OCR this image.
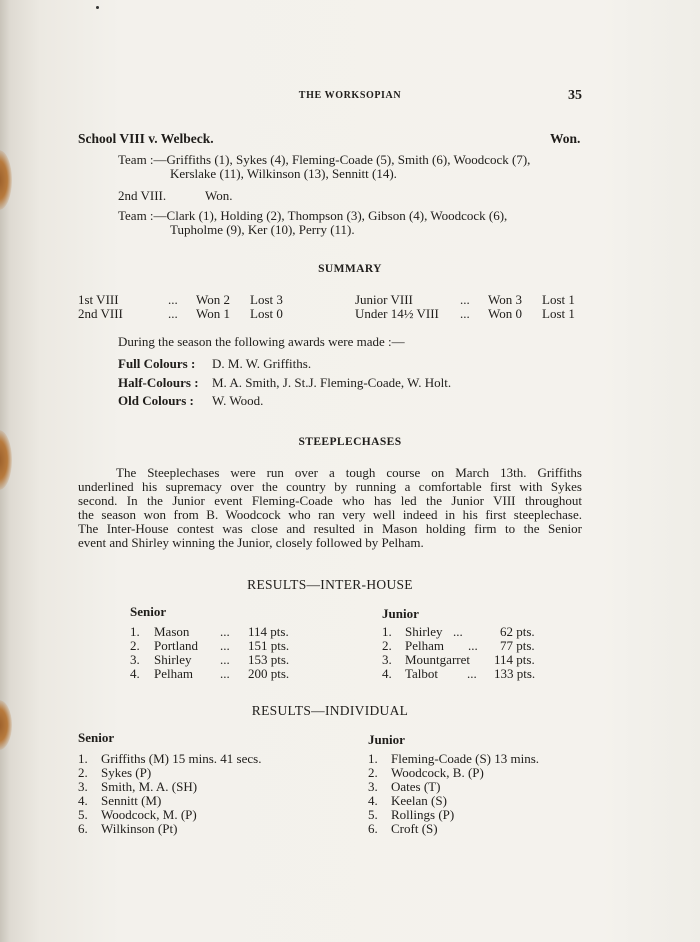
THE WORKSOPIAN	35
School VIII v. Welbeck.	Won.
Team :—Griffiths (1), Sykes (4), Fleming-Coade (5), Smith (6), Woodcock (7),
Kerslake (11), Wilkinson (13), Sennitt (14).
2nd VIII.	Won.
Team :—Clark (1), Holding (2), Thompson (3), Gibson (4), Woodcock (6),
Tupholme (9), Ker (10), Perry (11).
SUMMARY
1st VIII	... Won 2 Lost 3	Junior VIII	... Won 3 Lost 1
2nd VIII	... Won 1 Lost 0	Under 14½ VIII ... Won 0 Lost 1
During the season the following awards were made :—
Full Colours : D. M. W. Griffiths.
Half-Colours : M. A. Smith, J. St.J. Fleming-Coade, W. Holt.
Old Colours : W. Wood.
STEEPLECHASES
The Steeplechases were run over a tough course on March 13th. Griffiths
underlined his supremacy over the country by running a comfortable first with Sykes
second. In the Junior event Fleming-Coade who has led the Junior VIII throughout
the season won from B. Woodcock who ran very well indeed in his first steeplechase.
The Inter-House contest was close and resulted in Mason holding firm to the Senior
event and Shirley winning the Junior, closely followed by Pelham.
RESULTS—INTER-HOUSE
Senior	Junior
1. Mason ... 114 pts.	1. Shirley ...	62 pts.
2. Portland ... 151 pts.	2. Pelham ... 77 pts.
3. Shirley ... 153 pts.	3. Mountgarret 114 pts.
4. Pelham ... 200 pts.	4. Talbot ... 133 pts.
RESULTS—INDIVIDUAL
Senior	Junior
1. Griffiths (M) 15 mins. 41 secs.	1. Fleming-Coade (S) 13 mins.
2. Sykes (P)	2. Woodcock, B. (P)
3. Smith, M. A. (SH)	3. Oates (T)
4. Sennitt (M)	4. Keelan (S)
5. Woodcock, M. (P)	5. Rollings (P)
6. Wilkinson (Pt)	6. Croft (S)
